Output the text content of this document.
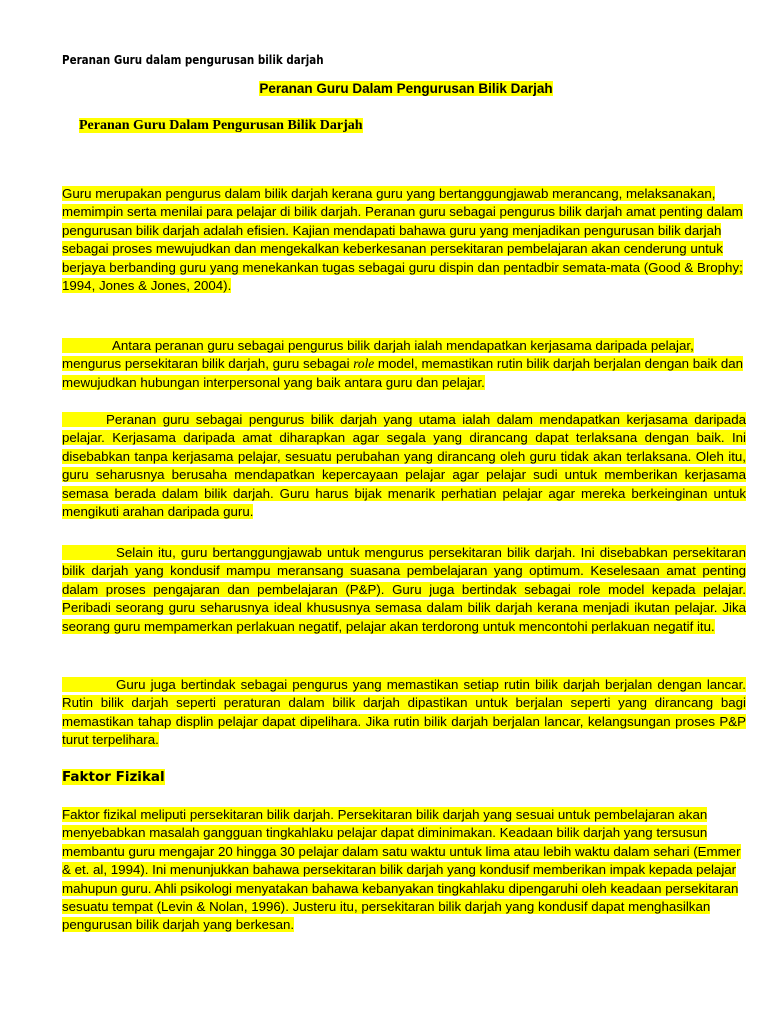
Peranan Guru dalam pengurusan bilik darjah
Peranan Guru Dalam Pengurusan Bilik Darjah
Peranan Guru Dalam Pengurusan Bilik Darjah
Guru merupakan pengurus dalam bilik darjah kerana guru yang bertanggungjawab merancang, melaksanakan, memimpin serta menilai para pelajar di bilik darjah. Peranan guru sebagai pengurus bilik darjah amat penting dalam pengurusan bilik darjah adalah efisien. Kajian mendapati bahawa guru yang menjadikan pengurusan bilik darjah sebagai proses mewujudkan dan mengekalkan keberkesanan persekitaran pembelajaran akan cenderung untuk berjaya berbanding guru yang menekankan tugas sebagai guru dispin dan pentadbir semata-mata (Good & Brophy; 1994, Jones & Jones, 2004).
Antara peranan guru sebagai pengurus bilik darjah ialah mendapatkan kerjasama daripada pelajar, mengurus persekitaran bilik darjah, guru sebagai role model, memastikan rutin bilik darjah berjalan dengan baik dan mewujudkan hubungan interpersonal yang baik antara guru dan pelajar.
Peranan guru sebagai pengurus bilik darjah yang utama ialah dalam mendapatkan kerjasama daripada pelajar. Kerjasama daripada amat diharapkan agar segala yang dirancang dapat terlaksana dengan baik. Ini disebabkan tanpa kerjasama pelajar, sesuatu perubahan yang dirancang oleh guru tidak akan terlaksana. Oleh itu, guru seharusnya berusaha mendapatkan kepercayaan pelajar agar pelajar sudi untuk memberikan kerjasama semasa berada dalam bilik darjah. Guru harus bijak menarik perhatian pelajar agar mereka berkeinginan untuk mengikuti arahan daripada guru.
Selain itu, guru bertanggungjawab untuk mengurus persekitaran bilik darjah. Ini disebabkan persekitaran bilik darjah yang kondusif mampu meransang suasana pembelajaran yang optimum. Keselesaan amat penting dalam proses pengajaran dan pembelajaran (P&P). Guru juga bertindak sebagai role model kepada pelajar. Peribadi seorang guru seharusnya ideal khususnya semasa dalam bilik darjah kerana menjadi ikutan pelajar. Jika seorang guru mempamerkan perlakuan negatif, pelajar akan terdorong untuk mencontohi perlakuan negatif itu.
Guru juga bertindak sebagai pengurus yang memastikan setiap rutin bilik darjah berjalan dengan lancar. Rutin bilik darjah seperti peraturan dalam bilik darjah dipastikan untuk berjalan seperti yang dirancang bagi memastikan tahap displin pelajar dapat dipelihara. Jika rutin bilik darjah berjalan lancar, kelangsungan proses P&P turut terpelihara.
Faktor Fizikal
Faktor fizikal meliputi persekitaran bilik darjah. Persekitaran bilik darjah yang sesuai untuk pembelajaran akan menyebabkan masalah gangguan tingkahlaku pelajar dapat diminimakan. Keadaan bilik darjah yang tersusun membantu guru mengajar 20 hingga 30 pelajar dalam satu waktu untuk lima atau lebih waktu dalam sehari (Emmer & et. al, 1994). Ini menunjukkan bahawa persekitaran bilik darjah yang kondusif memberikan impak kepada pelajar mahupun guru. Ahli psikologi menyatakan bahawa kebanyakan tingkahlaku dipengaruhi oleh keadaan persekitaran sesuatu tempat (Levin & Nolan, 1996). Justeru itu, persekitaran bilik darjah yang kondusif dapat menghasilkan pengurusan bilik darjah yang berkesan.
